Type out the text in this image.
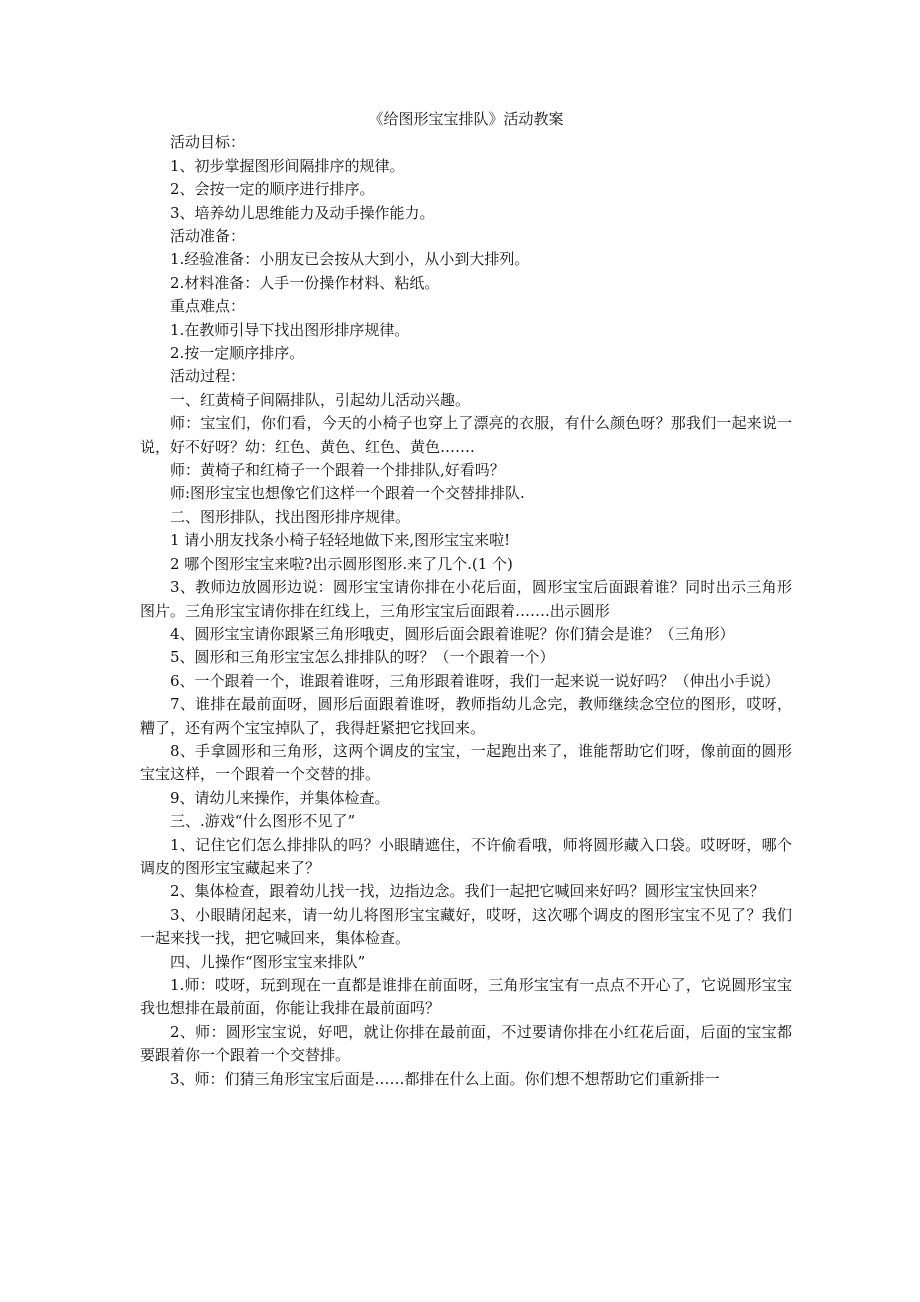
《给图形宝宝排队》活动教案

活动目标：

1、初步掌握图形间隔排序的规律。

2、会按一定的顺序进行排序。

3、培养幼儿思维能力及动手操作能力。

活动准备：

1.经验准备：小朋友已会按从大到小，从小到大排列。

2.材料准备：人手一份操作材料、粘纸。

重点难点：

1.在教师引导下找出图形排序规律。

2.按一定顺序排序。

活动过程：

一、红黄椅子间隔排队，引起幼儿活动兴趣。

师：宝宝们，你们看，今天的小椅子也穿上了漂亮的衣服，有什么颜色呀？那我们一起来说一说，好不好呀？幼：红色、黄色、红色、黄色…….

师：黄椅子和红椅子一个跟着一个排排队,好看吗？

师:图形宝宝也想像它们这样一个跟着一个交替排排队.

二、图形排队，找出图形排序规律。

1 请小朋友找条小椅子轻轻地做下来,图形宝宝来啦!

2 哪个图形宝宝来啦?出示圆形图形.来了几个.(1 个)

3、教师边放圆形边说：圆形宝宝请你排在小花后面，圆形宝宝后面跟着谁？同时出示三角形图片。三角形宝宝请你排在红线上，三角形宝宝后面跟着…….出示圆形

4、圆形宝宝请你跟紧三角形哦吏，圆形后面会跟着谁呢？你们猜会是谁？（三角形）

5、圆形和三角形宝宝怎么排排队的呀？（一个跟着一个）

6、一个跟着一个，谁跟着谁呀，三角形跟着谁呀，我们一起来说一说好吗？（伸出小手说）

7、谁排在最前面呀，圆形后面跟着谁呀，教师指幼儿念完，教师继续念空位的图形，哎呀，糟了，还有两个宝宝掉队了，我得赶紧把它找回来。

8、手拿圆形和三角形，这两个调皮的宝宝，一起跑出来了，谁能帮助它们呀，像前面的圆形宝宝这样，一个跟着一个交替的排。

9、请幼儿来操作，并集体检查。

三、.游戏“什么图形不见了”

1、记住它们怎么排排队的吗？小眼睛遮住，不许偷看哦，师将圆形藏入口袋。哎呀呀，哪个调皮的图形宝宝藏起来了？

2、集体检查，跟着幼儿找一找，边指边念。我们一起把它喊回来好吗？圆形宝宝快回来？

3、小眼睛闭起来，请一幼儿将图形宝宝藏好，哎呀，这次哪个调皮的图形宝宝不见了？我们一起来找一找，把它喊回来，集体检查。

四、儿操作“图形宝宝来排队”

1.师：哎呀，玩到现在一直都是谁排在前面呀，三角形宝宝有一点点不开心了，它说圆形宝宝我也想排在最前面，你能让我排在最前面吗？

2、师：圆形宝宝说，好吧，就让你排在最前面，不过要请你排在小红花后面，后面的宝宝都要跟着你一个跟着一个交替排。

3、师：们猜三角形宝宝后面是……都排在什么上面。你们想不想帮助它们重新排一
